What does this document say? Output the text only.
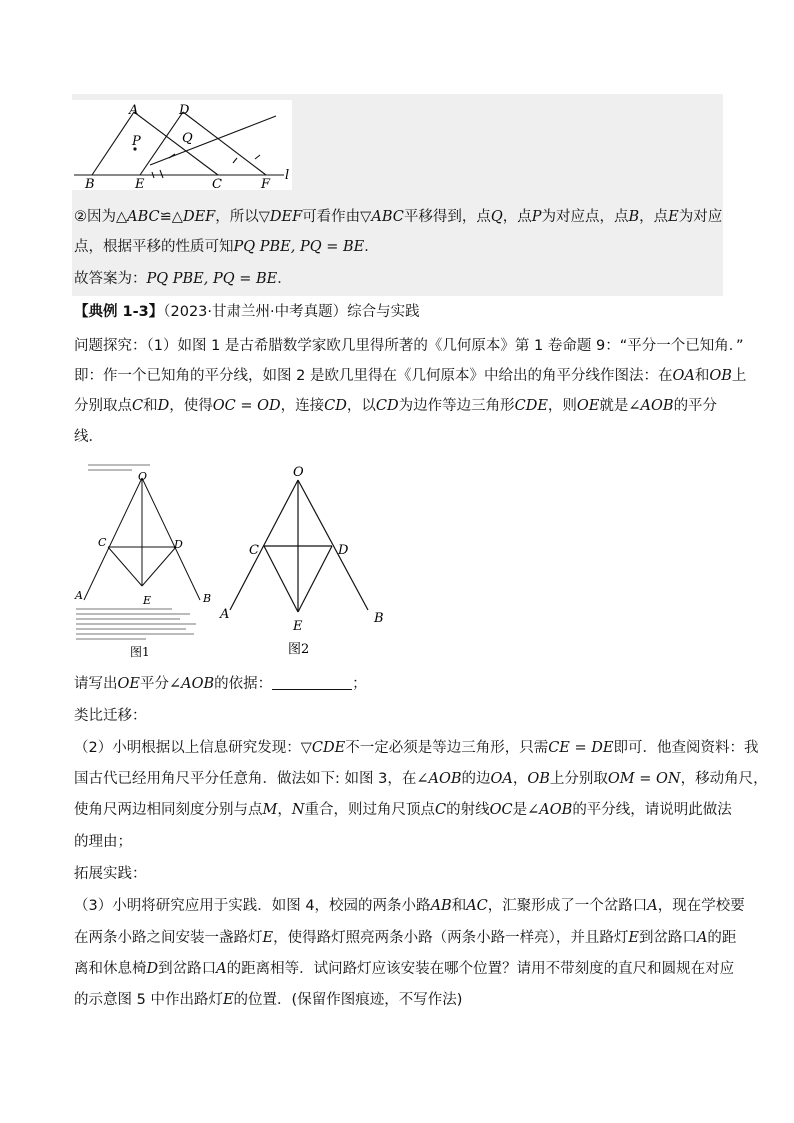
A	D
P	Q
B	E	C	F
l
②因为△ABC≌△DEF，所以▽DEF可看作由▽ABC平移得到，点Q，点P为对应点，点B，点E为对应
点，根据平移的性质可知PQ PBE, PQ = BE．
故答案为：PQ PBE, PQ = BE．
【典例 1-3】（2023·甘肃兰州·中考真题）综合与实践
问题探究：（1）如图 1 是古希腊数学家欧几里得所著的《几何原本》第 1 卷命题 9：“平分一个已知角．”
即：作一个已知角的平分线，如图 2 是欧几里得在《几何原本》中给出的角平分线作图法：在OA和OB上
分别取点C和D，使得OC = OD，连接CD，以CD为边作等边三角形CDE，则OE就是∠AOB的平分
线．
O
C	D
E
A	B
图1
O
C	D
E
A	B
图2
请写出OE平分∠AOB的依据：	；
类比迁移：
（2）小明根据以上信息研究发现：▽CDE不一定必须是等边三角形，只需CE = DE即可．他查阅资料：我
国古代已经用角尺平分任意角．做法如下: 如图 3，在∠AOB的边OA，OB上分别取OM = ON，移动角尺，
使角尺两边相同刻度分别与点M，N重合，则过角尺顶点C的射线OC是∠AOB的平分线，请说明此做法
的理由；
拓展实践：
（3）小明将研究应用于实践．如图 4，校园的两条小路AB和AC，汇聚形成了一个岔路口A，现在学校要
在两条小路之间安装一盏路灯E，使得路灯照亮两条小路（两条小路一样亮），并且路灯E到岔路口A的距
离和休息椅D到岔路口A的距离相等．试问路灯应该安装在哪个位置？请用不带刻度的直尺和圆规在对应
的示意图 5 中作出路灯E的位置．(保留作图痕迹，不写作法)
